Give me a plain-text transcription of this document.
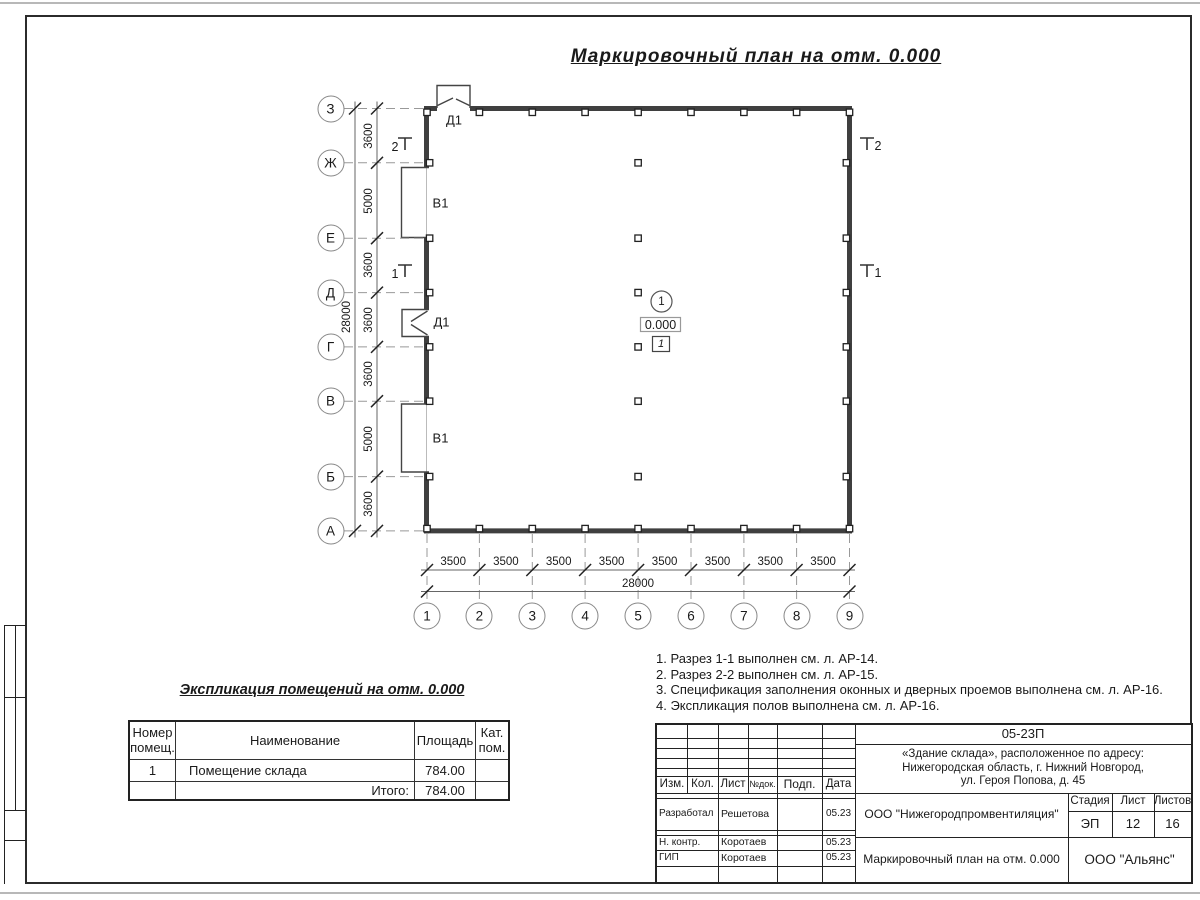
Маркировочный план на отм. 0.000
Экспликация помещений на отм. 0.000
З
Ж
Е
Д
Г
В
Б
А
1	2	3	4	5	6	7	8	9
3600
5000
3600
3600
3600
5000
3600
28000
3500 3500 3500 3500 3500 3500 3500 3500
28000
Д1
В1
Д1
В1
2
1
2
1
1
0.000
1
Номер помещ.	Наименование	Площадь	Кат. пом.
1	Помещение склада	784.00	
	Итого:	784.00	
1. Разрез 1-1 выполнен см. л. АР-14.
2. Разрез 2-2 выполнен см. л. АР-15.
3. Спецификация заполнения оконных и дверных проемов выполнена см. л. АР-16.
4. Экспликация полов выполнена см. л. АР-16.
Изм. Кол. Лист №док. Подп. Дата
Разработал Решетова	05.23
Н. контр.	Коротаев	05.23
ГИП	Коротаев	05.23
05-23П
«Здание склада», расположенное по адресу:
Нижегородская область, г. Нижний Новгород,
ул. Героя Попова, д. 45
ООО "Нижегородпромвентиляция"
Стадия Лист Листов
ЭП	12	16
Маркировочный план на отм. 0.000	ООО "Альянс"
